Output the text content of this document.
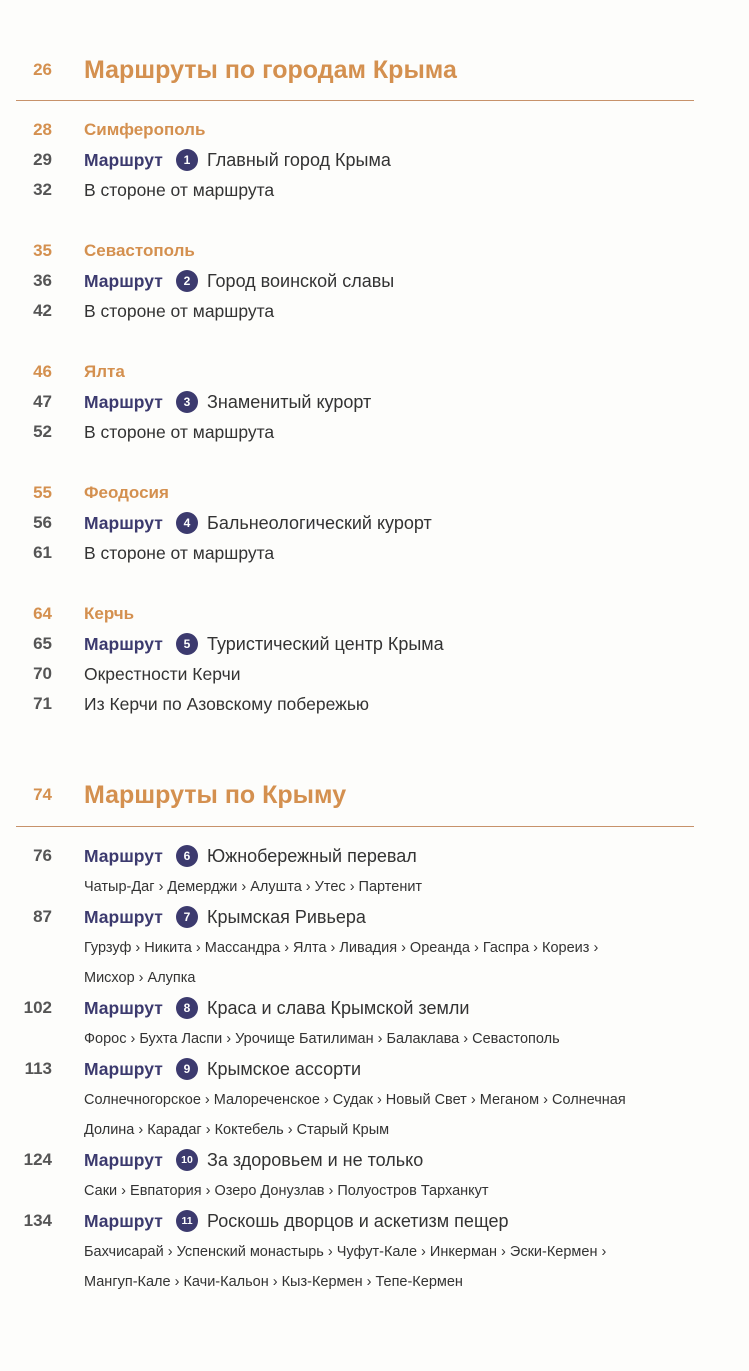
26 Маршруты по городам Крыма
28 Симферополь
29 Маршрут	1 Главный город Крыма
32 В стороне от маршрута
35 Севастополь
36 Маршрут	2 Город воинской славы
42 В стороне от маршрута
46 Ялта
47 Маршрут	3 Знаменитый курорт
52 В стороне от маршрута
55 Феодосия
56 Маршрут	4 Бальнеологический курорт
61 В стороне от маршрута
64 Керчь
65 Маршрут	5 Туристический центр Крыма
70 Окрестности Керчи
71 Из Керчи по Азовскому побережью
74 Маршруты по Крыму
76 Маршрут	6 Южнобережный перевал
Чатыр-Даг › Демерджи › Алушта › Утес › Партенит
87 Маршрут	7 Крымская Ривьера
Гурзуф › Никита › Массандра › Ялта › Ливадия › Ореанда › Гаспра › Кореиз ›
Мисхор › Алупка
102 Маршрут	8 Краса и слава Крымской земли
Форос › Бухта Ласпи › Урочище Батилиман › Балаклава › Севастополь
113 Маршрут	9 Крымское ассорти
Солнечногорское › Малореченское › Судак › Новый Свет › Меганом › Солнечная
Долина › Карадаг › Коктебель › Старый Крым
124 Маршрут	10 За здоровьем и не только
Саки › Евпатория › Озеро Донузлав › Полуостров Тарханкут
134 Маршрут	11 Роскошь дворцов и аскетизм пещер
Бахчисарай › Успенский монастырь › Чуфут-Кале › Инкерман › Эски-Кермен ›
Мангуп-Кале › Качи-Кальон › Кыз-Кермен › Тепе-Кермен
